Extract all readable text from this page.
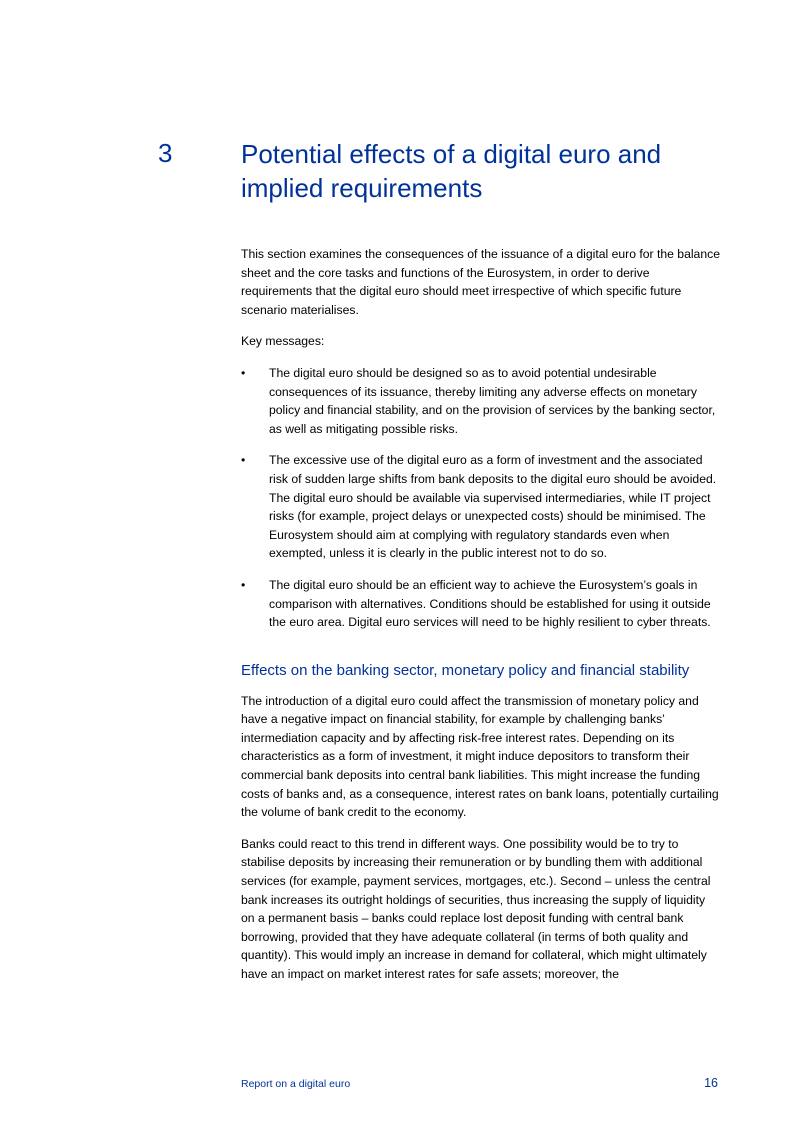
3	Potential effects of a digital euro and implied requirements

This section examines the consequences of the issuance of a digital euro for the balance sheet and the core tasks and functions of the Eurosystem, in order to derive requirements that the digital euro should meet irrespective of which specific future scenario materialises.

Key messages:

•	The digital euro should be designed so as to avoid potential undesirable consequences of its issuance, thereby limiting any adverse effects on monetary policy and financial stability, and on the provision of services by the banking sector, as well as mitigating possible risks.
•	The excessive use of the digital euro as a form of investment and the associated risk of sudden large shifts from bank deposits to the digital euro should be avoided. The digital euro should be available via supervised intermediaries, while IT project risks (for example, project delays or unexpected costs) should be minimised. The Eurosystem should aim at complying with regulatory standards even when exempted, unless it is clearly in the public interest not to do so.
•	The digital euro should be an efficient way to achieve the Eurosystem’s goals in comparison with alternatives. Conditions should be established for using it outside the euro area. Digital euro services will need to be highly resilient to cyber threats.
Effects on the banking sector, monetary policy and financial stability

The introduction of a digital euro could affect the transmission of monetary policy and have a negative impact on financial stability, for example by challenging banks’ intermediation capacity and by affecting risk-free interest rates. Depending on its characteristics as a form of investment, it might induce depositors to transform their commercial bank deposits into central bank liabilities. This might increase the funding costs of banks and, as a consequence, interest rates on bank loans, potentially curtailing the volume of bank credit to the economy.

Banks could react to this trend in different ways. One possibility would be to try to stabilise deposits by increasing their remuneration or by bundling them with additional services (for example, payment services, mortgages, etc.). Second – unless the central bank increases its outright holdings of securities, thus increasing the supply of liquidity on a permanent basis – banks could replace lost deposit funding with central bank borrowing, provided that they have adequate collateral (in terms of both quality and quantity). This would imply an increase in demand for collateral, which might ultimately have an impact on market interest rates for safe assets; moreover, the

Report on a digital euro	16
